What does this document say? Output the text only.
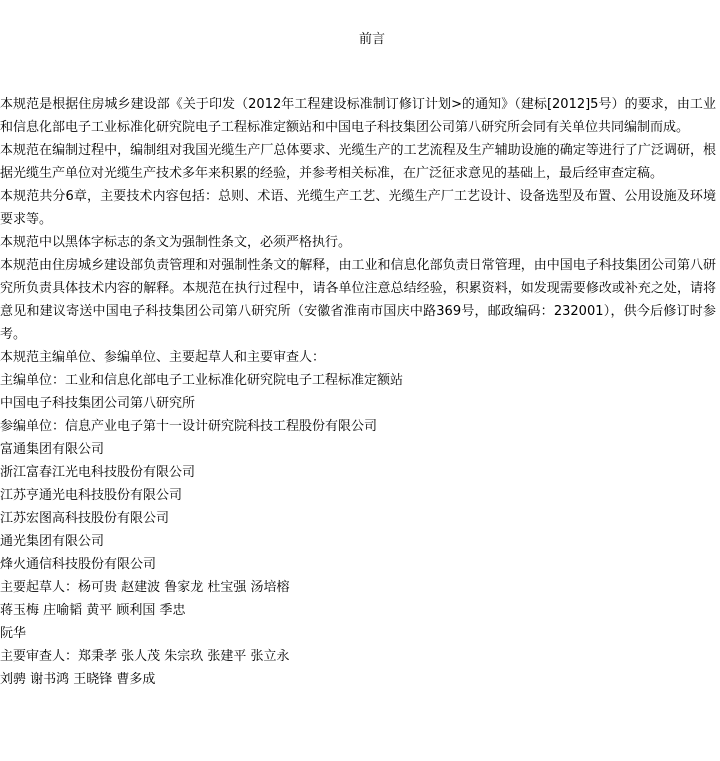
前言

本规范是根据住房城乡建设部《关于印发（2012年工程建设标准制订修订计划>的通知》（建标[2012]5号）的要求，由工业和信息化部电子工业标准化研究院电子工程标准定额站和中国电子科技集团公司第八研究所会同有关单位共同编制而成。

本规范在编制过程中，编制组对我国光缆生产厂总体要求、光缆生产的工艺流程及生产辅助设施的确定等进行了广泛调研，根据光缆生产单位对光缆生产技术多年来积累的经验，并参考相关标准，在广泛征求意见的基础上，最后经审查定稿。

本规范共分6章，主要技术内容包括：总则、术语、光缆生产工艺、光缆生产厂工艺设计、设备选型及布置、公用设施及环境要求等。

本规范中以黑体字标志的条文为强制性条文，必须严格执行。

本规范由住房城乡建设部负责管理和对强制性条文的解释，由工业和信息化部负责日常管理，由中国电子科技集团公司第八研究所负责具体技术内容的解释。本规范在执行过程中，请各单位注意总结经验，积累资料，如发现需要修改或补充之处，请将意见和建议寄送中国电子科技集团公司第八研究所（安徽省淮南市国庆中路369号，邮政编码：232001），供今后修订时参考。

本规范主编单位、参编单位、主要起草人和主要审查人：

主编单位：工业和信息化部电子工业标准化研究院电子工程标准定额站

中国电子科技集团公司第八研究所

参编单位：信息产业电子第十一设计研究院科技工程股份有限公司

富通集团有限公司

浙江富春江光电科技股份有限公司

江苏亨通光电科技股份有限公司

江苏宏图高科技股份有限公司

通光集团有限公司

烽火通信科技股份有限公司

主要起草人：杨可贵 赵建波 鲁家龙 杜宝强 汤培榕

蒋玉梅 庄喻韬 黄平 顾利国 季忠

阮华

主要审查人：郑秉孝 张人茂 朱宗玖 张建平 张立永

刘骋 谢书鸿 王晓锋 曹多成
